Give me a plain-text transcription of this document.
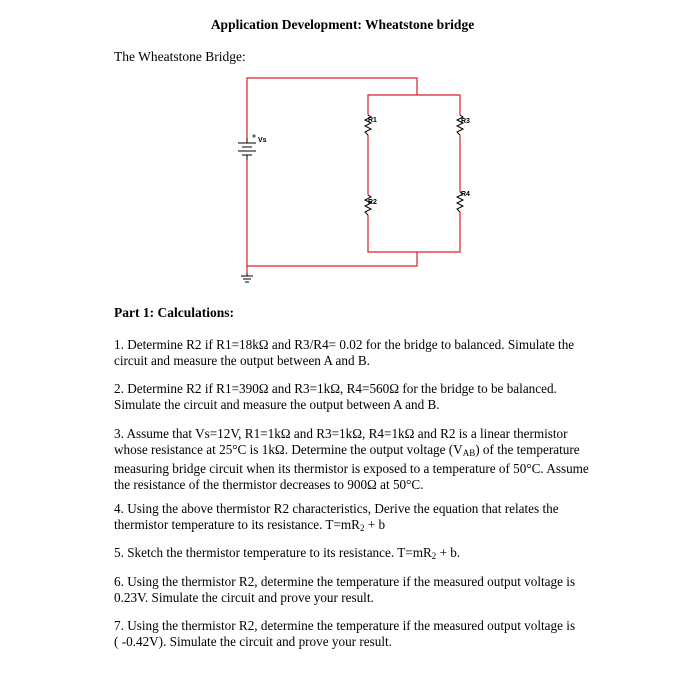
Application Development: Wheatstone bridge
The Wheatstone Bridge:
Vs
R1
R2
R3
R4
Part 1: Calculations:
1. Determine R2 if R1=18kΩ and R3/R4= 0.02 for the bridge to balanced. Simulate the
circuit and measure the output between A and B.
2. Determine R2 if R1=390Ω and R3=1kΩ, R4=560Ω for the bridge to be balanced.
Simulate the circuit and measure the output between A and B.
3. Assume that Vs=12V, R1=1kΩ and R3=1kΩ, R4=1kΩ and R2 is a linear thermistor
whose resistance at 25°C is 1kΩ. Determine the output voltage $(V_{AB})$ of the temperature
measuring bridge circuit when its thermistor is exposed to a temperature of 50°C. Assume
the resistance of the thermistor decreases to 900Ω at 50°C.
4. Using the above thermistor R2 characteristics, Derive the equation that relates the
thermistor temperature to its resistance. $T=mR_2 + b$
5. Sketch the thermistor temperature to its resistance. $T=mR_2 + b$.
6. Using the thermistor R2, determine the temperature if the measured output voltage is
0.23V. Simulate the circuit and prove your result.
7. Using the thermistor R2, determine the temperature if the measured output voltage is
( -0.42V). Simulate the circuit and prove your result.
